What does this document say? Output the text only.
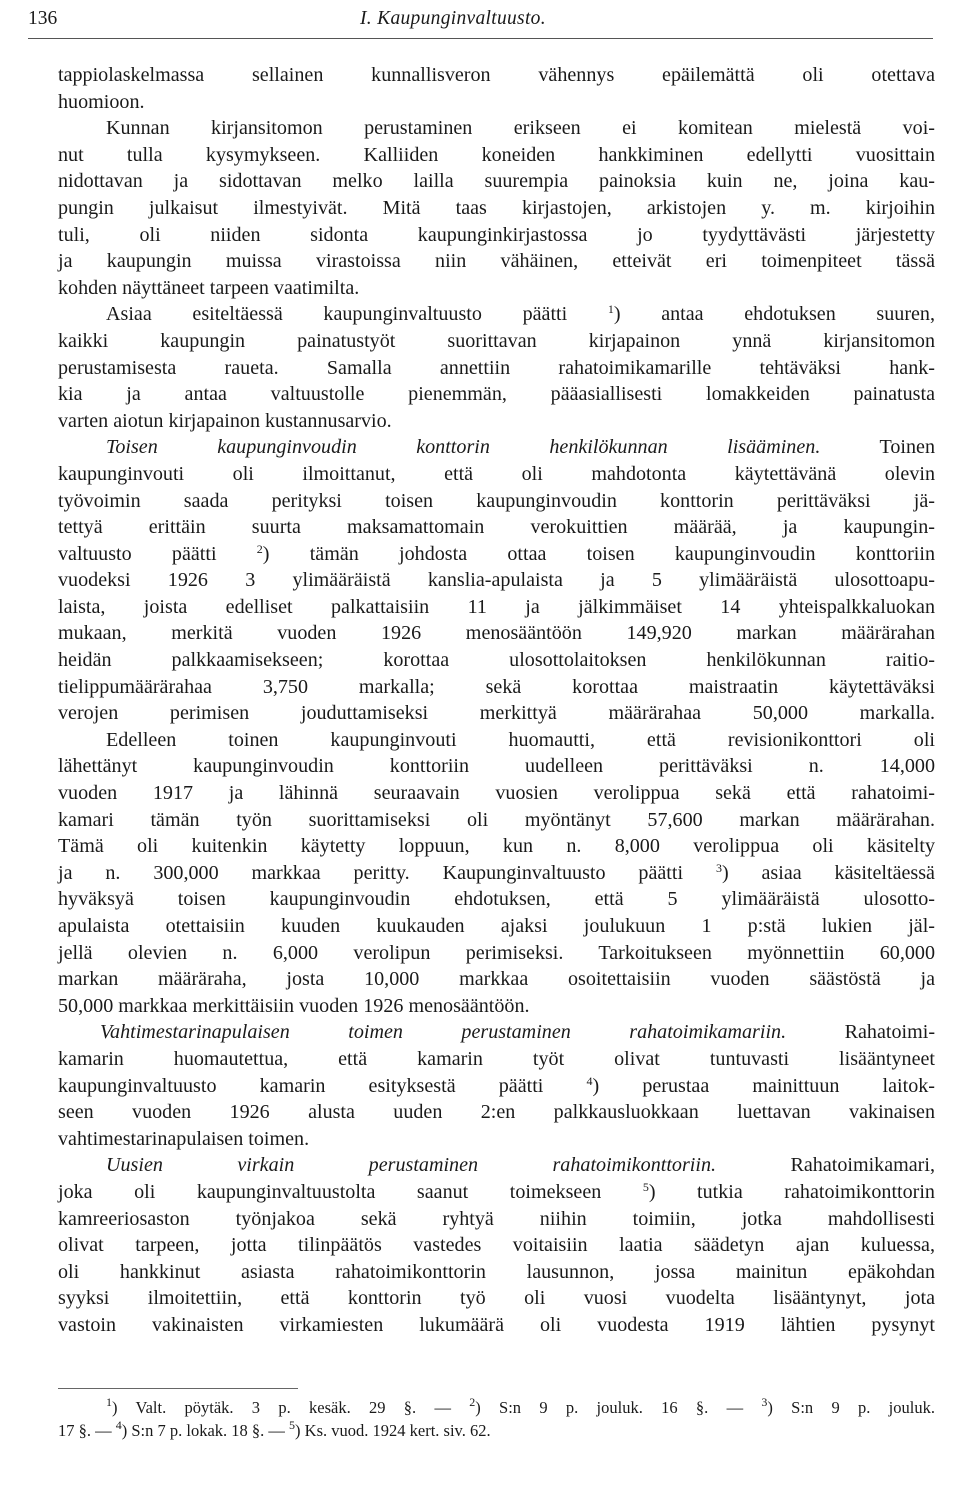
136	I. Kaupunginvaltuusto.
tappiolaskelmassa sellainen kunnallisveron vähennys epäilemättä oli otettava
huomioon.
Kunnan kirjansitomon perustaminen erikseen ei komitean mielestä voi-
nut tulla kysymykseen. Kalliiden koneiden hankkiminen edellytti vuosittain
nidottavan ja sidottavan melko lailla suurempia painoksia kuin ne, joina kau-
pungin julkaisut ilmestyivät. Mitä taas kirjastojen, arkistojen y. m. kirjoihin
tuli, oli niiden sidonta kaupunginkirjastossa jo tyydyttävästi järjestetty
ja kaupungin muissa virastoissa niin vähäinen, etteivät eri toimenpiteet tässä
kohden näyttäneet tarpeen vaatimilta.
Asiaa esiteltäessä kaupunginvaltuusto päätti	$^1$) antaa ehdotuksen suuren,
kaikki kaupungin painatustyöt suorittavan kirjapainon ynnä kirjansitomon
perustamisesta raueta. Samalla annettiin rahatoimikamarille tehtäväksi hank-
kia ja antaa valtuustolle pienemmän, pääasiallisesti lomakkeiden painatusta
varten aiotun kirjapainon kustannusarvio.
Toisen kaupunginvoudin konttorin henkilökunnan lisääminen.	Toinen
kaupunginvouti oli ilmoittanut, että oli mahdotonta käytettävänä olevin
työvoimin saada perityksi toisen kaupunginvoudin konttorin perittäväksi jä-
tettyä erittäin suurta maksamattomain verokuittien määrää, ja kaupungin-
valtuusto päätti	$^2$) tämän johdosta ottaa toisen kaupunginvoudin konttoriin
vuodeksi 1926 3 ylimääräistä kanslia-apulaista ja 5 ylimääräistä ulosottoapu-
laista, joista edelliset palkattaisiin 11 ja jälkimmäiset 14 yhteispalkkaluokan
mukaan, merkitä vuoden 1926 menosääntöön 149,920 markan määrärahan
heidän palkkaamisekseen; korottaa ulosottolaitoksen henkilökunnan raitio-
tielippumäärärahaa 3,750 markalla; sekä korottaa maistraatin käytettäväksi
verojen perimisen jouduttamiseksi merkittyä määrärahaa 50,000 markalla.
Edelleen toinen kaupunginvouti huomautti, että revisionikonttori oli
lähettänyt kaupunginvoudin konttoriin uudelleen perittäväksi n. 14,000
vuoden 1917 ja lähinnä seuraavain vuosien verolippua sekä että rahatoimi-
kamari tämän työn suorittamiseksi oli myöntänyt 57,600 markan määrärahan.
Tämä oli kuitenkin käytetty loppuun, kun n. 8,000 verolippua oli käsitelty
ja n. 300,000 markkaa peritty. Kaupunginvaltuusto päätti	$^3$) asiaa käsiteltäessä
hyväksyä toisen kaupunginvoudin ehdotuksen, että 5 ylimääräistä ulosotto-
apulaista otettaisiin kuuden kuukauden ajaksi joulukuun 1 p:stä lukien jäl-
jellä olevien n. 6,000 verolipun perimiseksi. Tarkoitukseen myönnettiin 60,000
markan määräraha, josta 10,000 markkaa osoitettaisiin vuoden säästöstä ja
50,000 markkaa merkittäisiin vuoden 1926 menosääntöön.
Vahtimestarinapulaisen toimen perustaminen rahatoimikamariin.	Rahatoimi-
kamarin huomautettua, että kamarin työt olivat tuntuvasti lisääntyneet
kaupunginvaltuusto kamarin esityksestä päätti	$^4$) perustaa mainittuun laitok-
seen vuoden 1926 alusta uuden 2:en palkkausluokkaan luettavan vakinaisen
vahtimestarinapulaisen toimen.
Uusien virkain perustaminen rahatoimikonttoriin.	Rahatoimikamari,
joka oli kaupunginvaltuustolta saanut toimekseen	$^5$) tutkia rahatoimikonttorin
kamreeriosaston työnjakoa sekä ryhtyä niihin toimiin, jotka mahdollisesti
olivat tarpeen, jotta tilinpäätös vastedes voitaisiin laatia säädetyn ajan kuluessa,
oli hankkinut asiasta rahatoimikonttorin lausunnon, jossa mainitun epäkohdan
syyksi ilmoitettiin, että konttorin työ oli vuosi vuodelta lisääntynyt, jota
vastoin vakinaisten virkamiesten lukumäärä oli vuodesta 1919 lähtien pysynyt
$^1$) Valt. pöytäk. 3 p. kesäk. 29 §. — $^2$) S:n 9 p. jouluk. 16 §. — $^3$) S:n 9 p. jouluk.
17 §. — $^4$) S:n 7 p. lokak. 18 §. — $^5$) Ks. vuod. 1924 kert. siv. 62.
